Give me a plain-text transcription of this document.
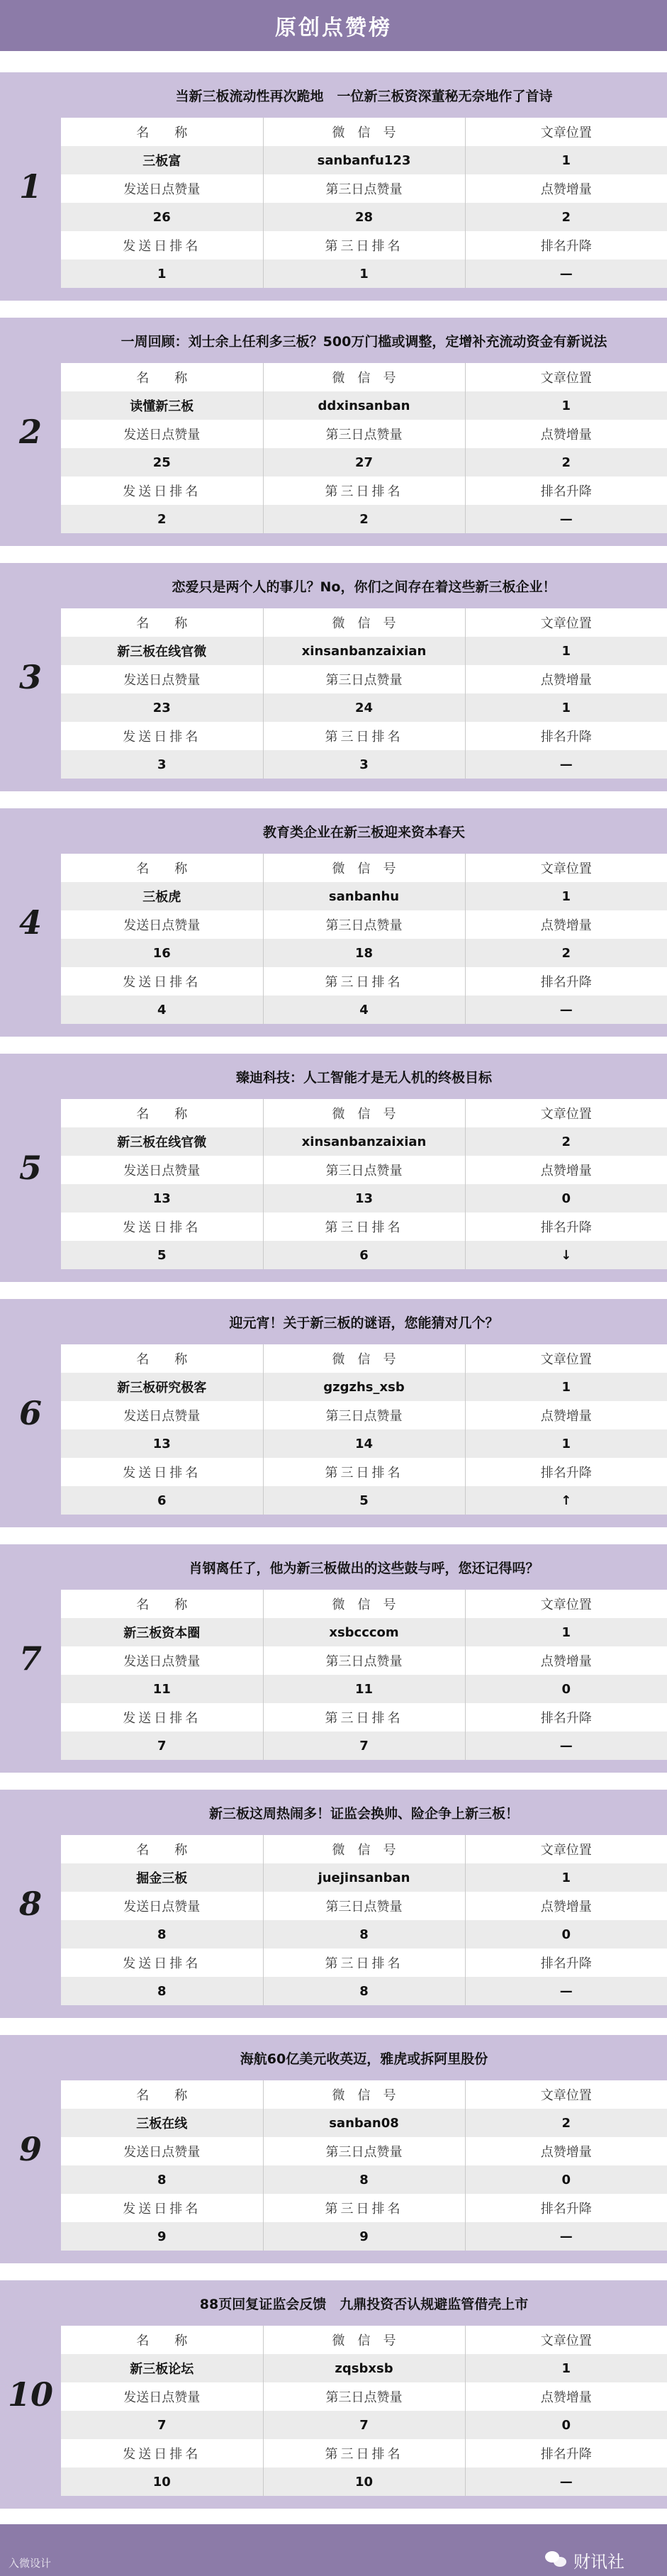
原创点赞榜
1
当新三板流动性再次跪地　一位新三板资深董秘无奈地作了首诗
名　　称	微　信　号	文章位置
三板富	sanbanfu123	1
发送日点赞量	第三日点赞量	点赞增量
26	28	2
发送日排名	第三日排名	排名升降
1	1	—
2
一周回顾：刘士余上任利多三板？500万门槛或调整，定增补充流动资金有新说法
名　　称	微　信　号	文章位置
读懂新三板	ddxinsanban	1
发送日点赞量	第三日点赞量	点赞增量
25	27	2
发送日排名	第三日排名	排名升降
2	2	—
3
恋爱只是两个人的事儿？No，你们之间存在着这些新三板企业！
名　　称	微　信　号	文章位置
新三板在线官微	xinsanbanzaixian	1
发送日点赞量	第三日点赞量	点赞增量
23	24	1
发送日排名	第三日排名	排名升降
3	3	—
4
教育类企业在新三板迎来资本春天
名　　称	微　信　号	文章位置
三板虎	sanbanhu	1
发送日点赞量	第三日点赞量	点赞增量
16	18	2
发送日排名	第三日排名	排名升降
4	4	—
5
臻迪科技：人工智能才是无人机的终极目标
名　　称	微　信　号	文章位置
新三板在线官微	xinsanbanzaixian	2
发送日点赞量	第三日点赞量	点赞增量
13	13	0
发送日排名	第三日排名	排名升降
5	6	↓
6
迎元宵！关于新三板的谜语，您能猜对几个？
名　　称	微　信　号	文章位置
新三板研究极客	gzgzhs_xsb	1
发送日点赞量	第三日点赞量	点赞增量
13	14	1
发送日排名	第三日排名	排名升降
6	5	↑
7
肖钢离任了，他为新三板做出的这些鼓与呼，您还记得吗？
名　　称	微　信　号	文章位置
新三板资本圈	xsbcccom	1
发送日点赞量	第三日点赞量	点赞增量
11	11	0
发送日排名	第三日排名	排名升降
7	7	—
8
新三板这周热闹多！证监会换帅、险企争上新三板！
名　　称	微　信　号	文章位置
掘金三板	juejinsanban	1
发送日点赞量	第三日点赞量	点赞增量
8	8	0
发送日排名	第三日排名	排名升降
8	8	—
9
海航60亿美元收英迈，雅虎或拆阿里股份
名　　称	微　信　号	文章位置
三板在线	sanban08	2
发送日点赞量	第三日点赞量	点赞增量
8	8	0
发送日排名	第三日排名	排名升降
9	9	—
10
88页回复证监会反馈　九鼎投资否认规避监管借壳上市
名　　称	微　信　号	文章位置
新三板论坛	zqsbxsb	1
发送日点赞量	第三日点赞量	点赞增量
7	7	0
发送日排名	第三日排名	排名升降
10	10	—
入微设计	财讯社
